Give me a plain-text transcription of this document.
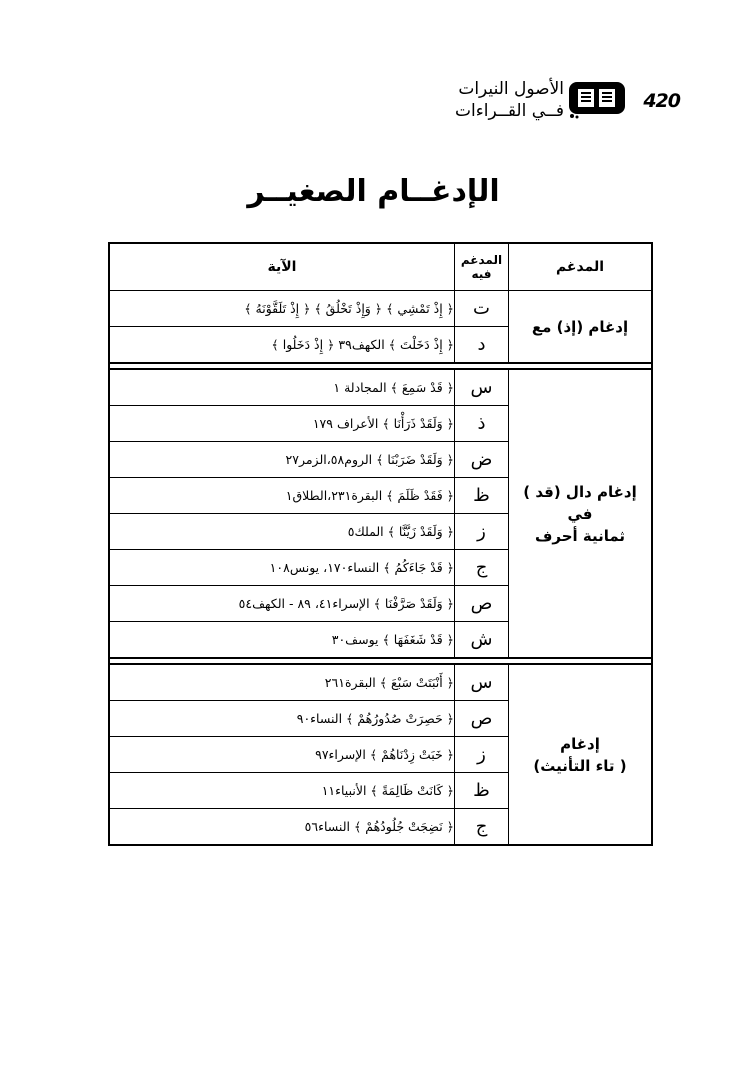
الأصول النيرات
فــي القــراءات	420
الإدغــام الصغيــر
المدغم	المدغم فيه	الآية

إدغام (إذ) مع	ت	﴿ إِذْ تَمْشِي ﴾ ﴿ وَإِذْ تَخْلُقُ ﴾ ﴿ إِذْ تَلَقَّوْنَهُ ﴾
	د	﴿ إِذْ دَخَلْتَ ﴾ الكهف٣٩ ﴿ إِذْ دَخَلُوا ﴾

إدغام دال (قد ) في
ثمانية أحرف	س	﴿ قَدْ سَمِعَ ﴾ المجادلة ١
	ذ	﴿ وَلَقَدْ ذَرَأْنَا ﴾ الأعراف ١٧٩
	ض	﴿ وَلَقَدْ ضَرَبْنَا ﴾ الروم٥٨،الزمر٢٧
	ظ	﴿ فَقَدْ ظَلَمَ ﴾ البقرة٢٣١،الطلاق١
	ز	﴿ وَلَقَدْ زَيَّنَّا ﴾ الملك٥
	ج	﴿ قَدْ جَاءَكُمُ ﴾ النساء١٧٠، يونس١٠٨
	ص	﴿ وَلَقَدْ صَرَّفْنَا ﴾ الإسراء٤١، ٨٩ - الكهف٥٤
	ش	﴿ قَدْ شَغَفَهَا ﴾ يوسف٣٠

إدغام
( تاء التأنيث)	س	﴿ أَنْبَتَتْ سَبْعَ ﴾ البقرة٢٦١
	ص	﴿ حَصِرَتْ صُدُورُهُمْ ﴾ النساء٩٠
	ز	﴿ خَبَتْ زِدْنَاهُمْ ﴾ الإسراء٩٧
	ظ	﴿ كَانَتْ ظَالِمَةً ﴾ الأنبياء١١
	ج	﴿ نَضِجَتْ جُلُودُهُمْ ﴾ النساء٥٦
